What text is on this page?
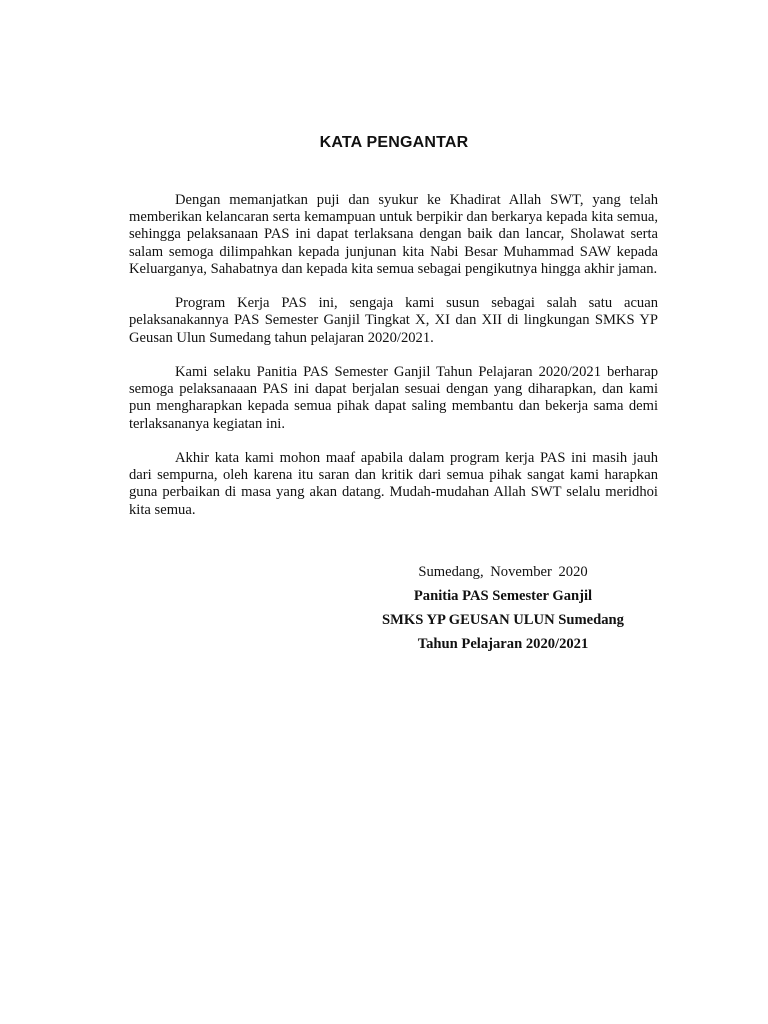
KATA PENGANTAR

Dengan memanjatkan puji dan syukur ke Khadirat Allah SWT, yang telah memberikan kelancaran serta kemampuan untuk berpikir dan berkarya kepada kita semua, sehingga pelaksanaan PAS ini dapat terlaksana dengan baik dan lancar, Sholawat serta salam semoga dilimpahkan kepada junjunan kita Nabi Besar Muhammad SAW kepada Keluarganya, Sahabatnya dan kepada kita semua sebagai pengikutnya hingga akhir jaman.

Program Kerja PAS ini, sengaja kami susun sebagai salah satu acuan pelaksanakannya PAS Semester Ganjil Tingkat X, XI dan XII di lingkungan SMKS YP Geusan Ulun Sumedang tahun pelajaran 2020/2021.

Kami selaku Panitia PAS Semester Ganjil Tahun Pelajaran 2020/2021 berharap semoga pelaksanaaan PAS ini dapat berjalan sesuai dengan yang diharapkan, dan kami pun mengharapkan kepada semua pihak dapat saling membantu dan bekerja sama demi terlaksananya kegiatan ini.

Akhir kata kami mohon maaf apabila dalam program kerja PAS ini masih jauh dari sempurna, oleh karena itu saran dan kritik dari semua pihak sangat kami harapkan guna perbaikan di masa yang akan datang. Mudah-mudahan Allah SWT selalu meridhoi kita semua.

Sumedang, November 2020
Panitia PAS Semester Ganjil
SMKS YP GEUSAN ULUN Sumedang
Tahun Pelajaran 2020/2021
